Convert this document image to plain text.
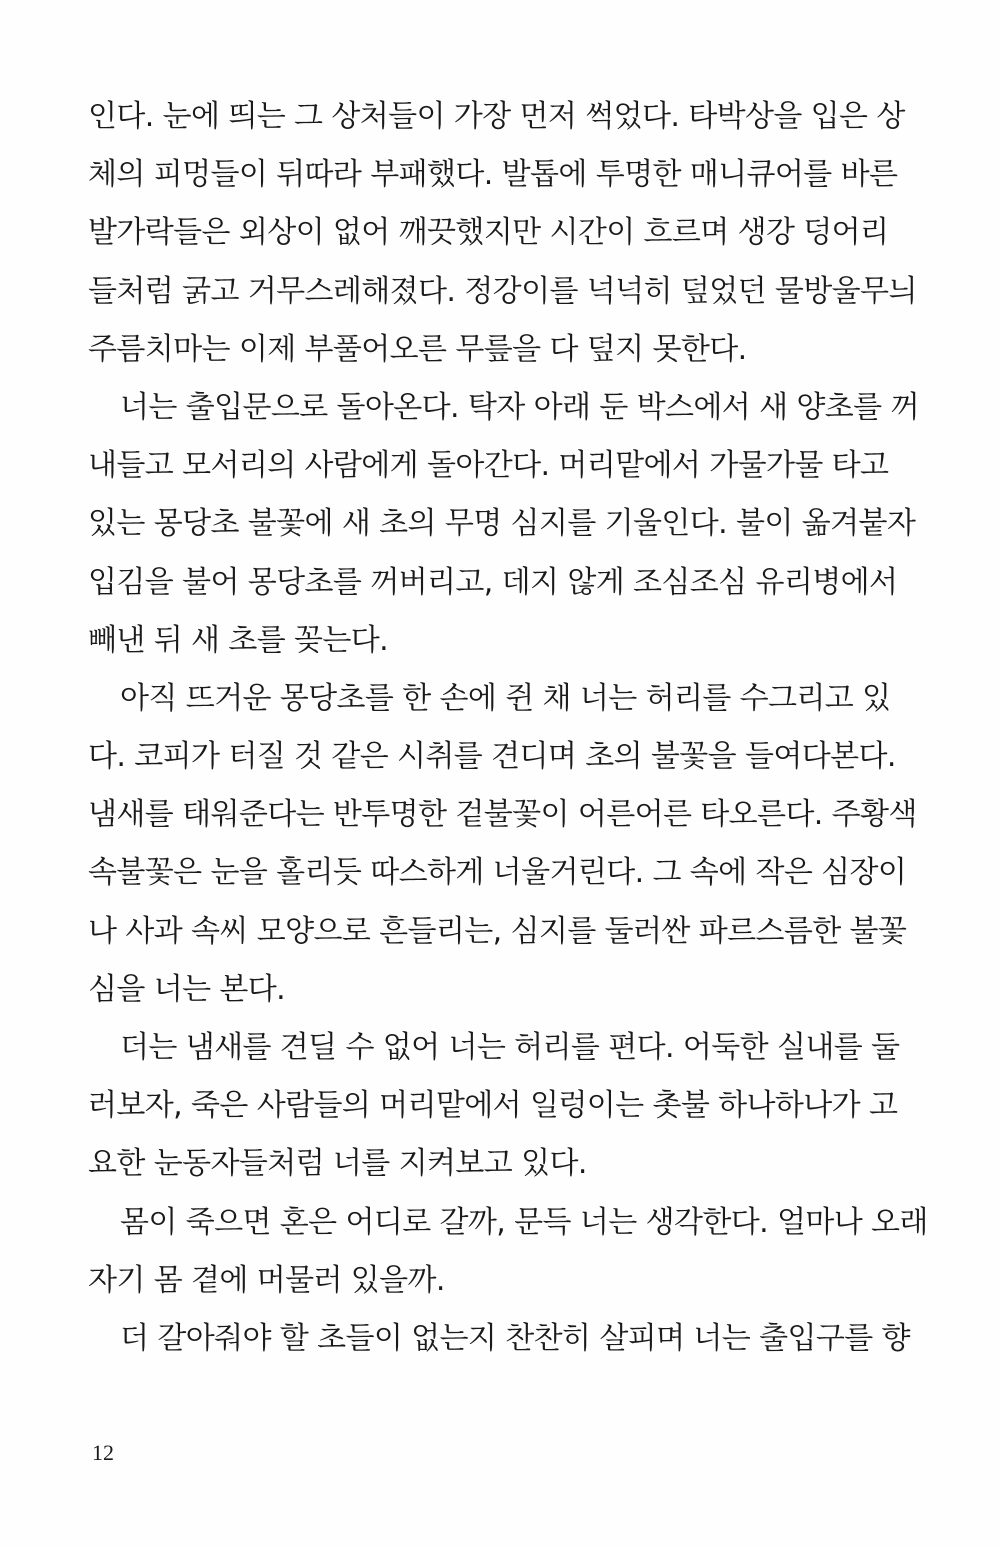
인다. 눈에 띄는 그 상처들이 가장 먼저 썩었다. 타박상을 입은 상
체의 피멍들이 뒤따라 부패했다. 발톱에 투명한 매니큐어를 바른
발가락들은 외상이 없어 깨끗했지만 시간이 흐르며 생강 덩어리
들처럼 굵고 거무스레해졌다. 정강이를 넉넉히 덮었던 물방울무늬
주름치마는 이제 부풀어오른 무릎을 다 덮지 못한다.
너는 출입문으로 돌아온다. 탁자 아래 둔 박스에서 새 양초를 꺼
내들고 모서리의 사람에게 돌아간다. 머리맡에서 가물가물 타고
있는 몽당초 불꽃에 새 초의 무명 심지를 기울인다. 불이 옮겨붙자
입김을 불어 몽당초를 꺼버리고, 데지 않게 조심조심 유리병에서
빼낸 뒤 새 초를 꽂는다.
아직 뜨거운 몽당초를 한 손에 쥔 채 너는 허리를 수그리고 있
다. 코피가 터질 것 같은 시취를 견디며 초의 불꽃을 들여다본다.
냄새를 태워준다는 반투명한 겉불꽃이 어른어른 타오른다. 주황색
속불꽃은 눈을 홀리듯 따스하게 너울거린다. 그 속에 작은 심장이
나 사과 속씨 모양으로 흔들리는, 심지를 둘러싼 파르스름한 불꽃
심을 너는 본다.
더는 냄새를 견딜 수 없어 너는 허리를 편다. 어둑한 실내를 둘
러보자, 죽은 사람들의 머리맡에서 일렁이는 촛불 하나하나가 고
요한 눈동자들처럼 너를 지켜보고 있다.
몸이 죽으면 혼은 어디로 갈까, 문득 너는 생각한다. 얼마나 오래
자기 몸 곁에 머물러 있을까.
더 갈아줘야 할 초들이 없는지 찬찬히 살피며 너는 출입구를 향
12
